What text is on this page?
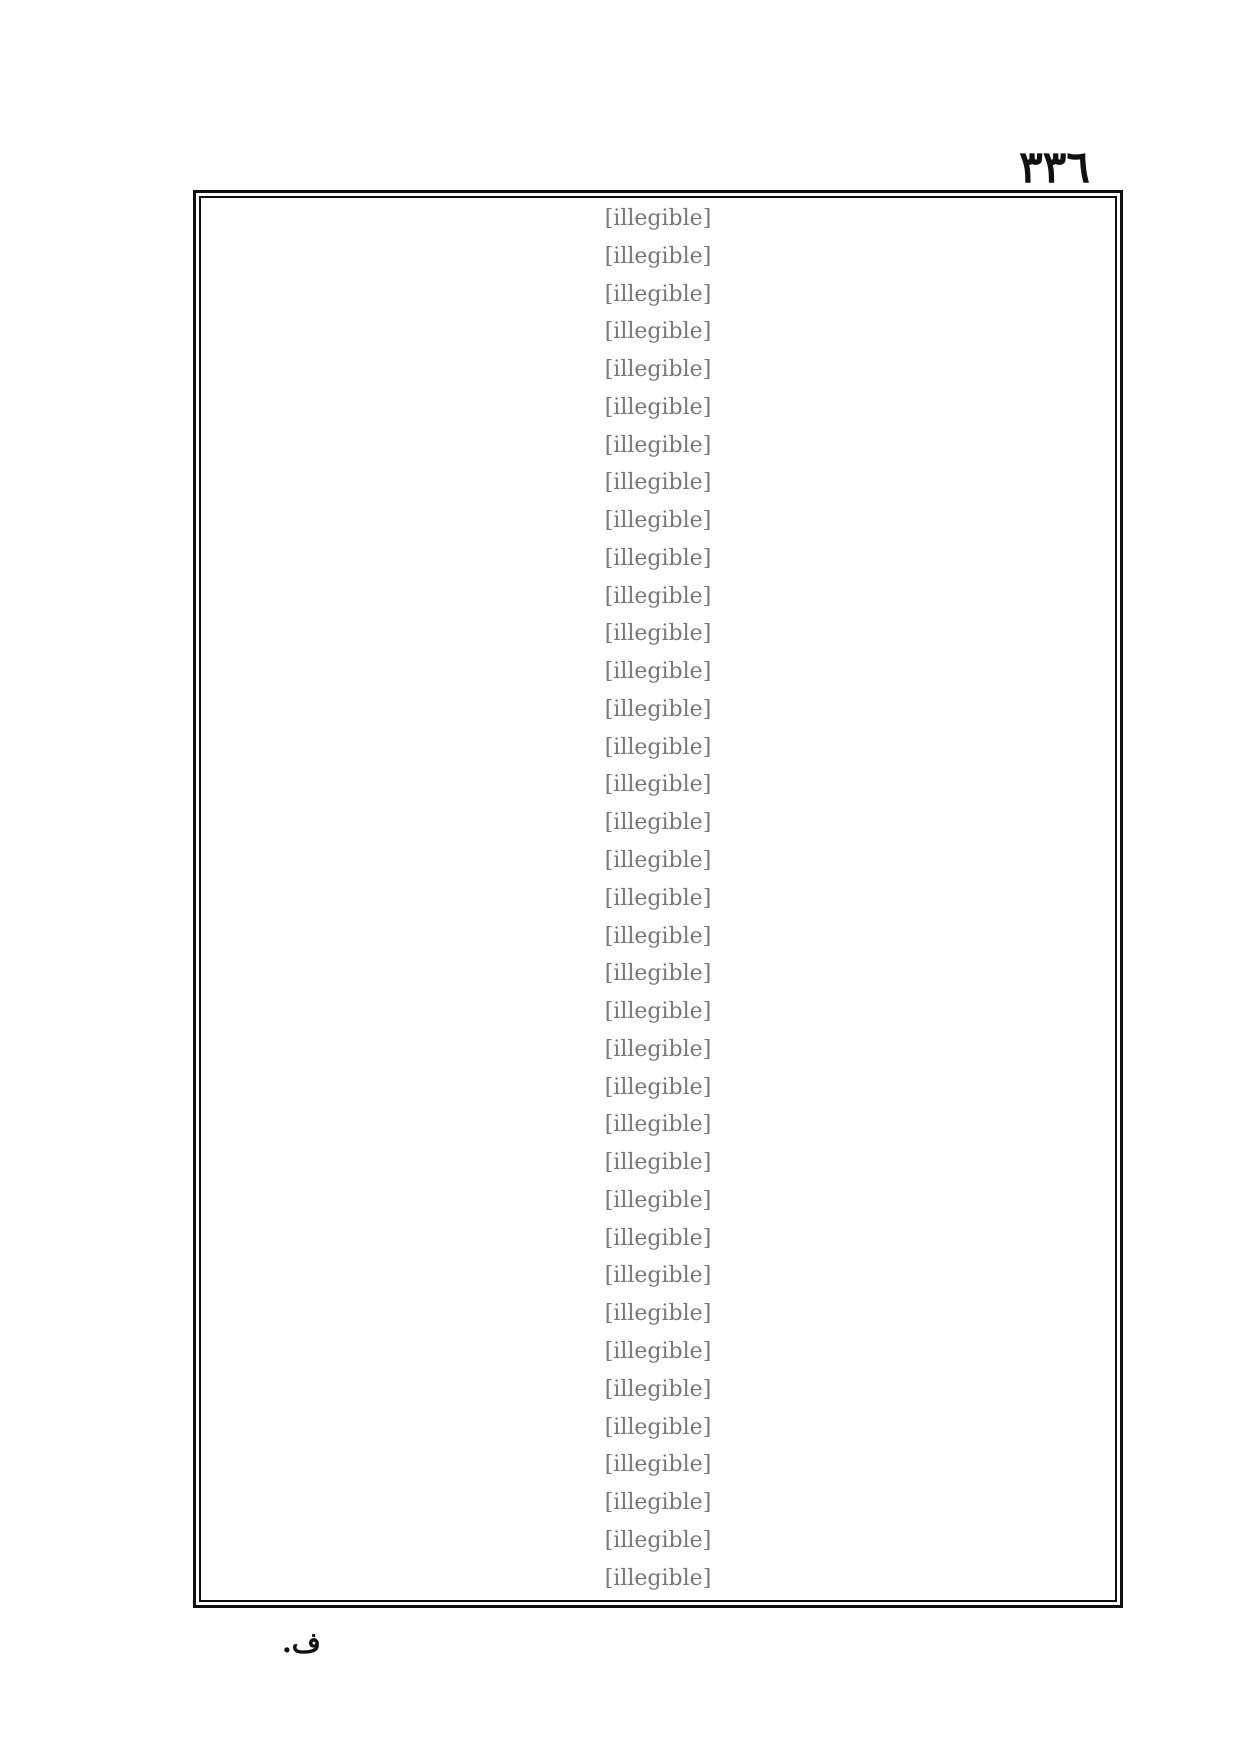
٣٣٦
[illegible]
[illegible]
[illegible]
[illegible]
[illegible]
[illegible]
[illegible]
[illegible]
[illegible]
[illegible]
[illegible]
[illegible]
[illegible]
[illegible]
[illegible]
[illegible]
[illegible]
[illegible]
[illegible]
[illegible]
[illegible]
[illegible]
[illegible]
[illegible]
[illegible]
[illegible]
[illegible]
[illegible]
[illegible]
[illegible]
[illegible]
[illegible]
[illegible]
[illegible]
[illegible]
[illegible]
[illegible]
ف.
